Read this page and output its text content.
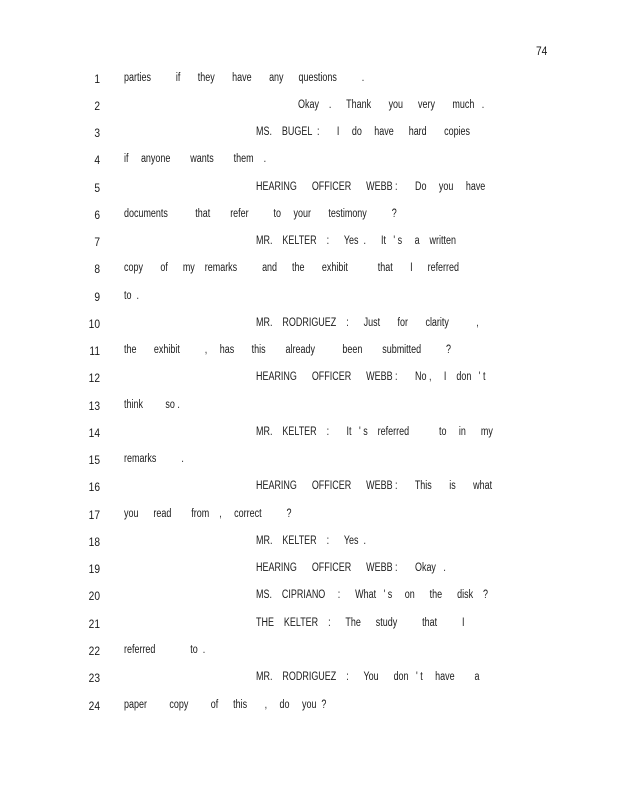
74
1 parties          if       they       have       any      questions          .
2	Okay    .      Thank       you      very       much   .
3	MS.    BUGEL  :       I     do     have      hard       copies
4 if     anyone        wants        them    .
5	HEARING      OFFICER      WEBB :       Do     you     have
6 documents           that        refer          to     your       testimony          ?
7	MR.    KELTER    :      Yes  .      It   ' s     a    written
8 copy       of      my    remarks          and      the       exhibit            that       I      referred
9 to  .
10	MR.    RODRIGUEZ    :      Just       for       clarity           ,
11 the       exhibit          ,     has       this        already           been        submitted          ?
12	HEARING      OFFICER      WEBB :       No ,     I    don   ' t
13 think         so .
14	MR.    KELTER    :       It   ' s    referred            to     in      my
15 remarks          .
16	HEARING      OFFICER      WEBB :       This       is       what
17 you      read        from    ,     correct          ?
18	MR.    KELTER    :      Yes  .
19	HEARING      OFFICER      WEBB :       Okay   .
20	MS.    CIPRIANO     :      What   ' s     on      the      disk    ?
21	THE    KELTER    :      The      study          that          I
22 referred              to  .
23	MR.    RODRIGUEZ    :      You      don   ' t     have        a
24 paper         copy         of      this       ,     do     you  ?
